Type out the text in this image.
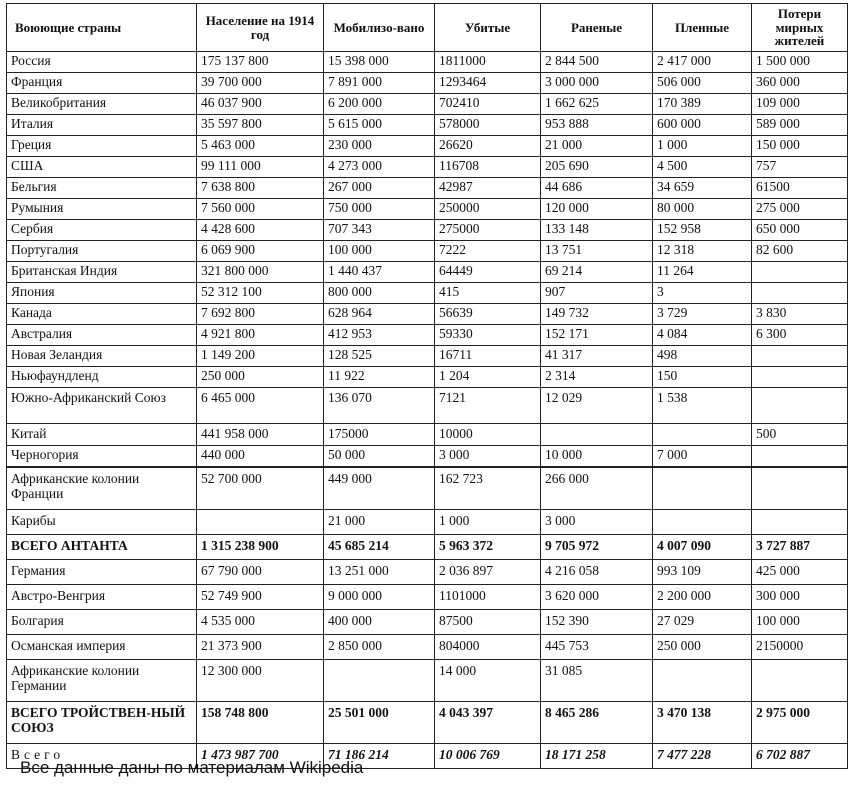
Воюющие страны	Население на 1914 год	Мобилизо-вано	Убитые	Раненые	Пленные	Потери мирных жителей
Россия	175 137 800	15 398 000	1811000	2 844 500	2 417 000	1 500 000
Франция	39 700 000	7 891 000	1293464	3 000 000	506 000	360 000
Великобритания	46 037 900	6 200 000	702410	1 662 625	170 389	109 000
Италия	35 597 800	5 615 000	578000	953 888	600 000	589 000
Греция	5 463 000	230 000	26620	21 000	1 000	150 000
США	99 111 000	4 273 000	116708	205 690	4 500	757
Бельгия	7 638 800	267 000	42987	44 686	34 659	61500
Румыния	7 560 000	750 000	250000	120 000	80 000	275 000
Сербия	4 428 600	707 343	275000	133 148	152 958	650 000
Португалия	6 069 900	100 000	7222	13 751	12 318	82 600
Британская Индия	321 800 000	1 440 437	64449	69 214	11 264	
Япония	52 312 100	800 000	415	907	3	
Канада	7 692 800	628 964	56639	149 732	3 729	3 830
Австралия	4 921 800	412 953	59330	152 171	4 084	6 300
Новая Зеландия	1 149 200	128 525	16711	41 317	498	
Ньюфаундленд	250 000	11 922	1 204	2 314	150	
Южно-Африканский Союз	6 465 000	136 070	7121	12 029	1 538	
Китай	441 958 000	175000	10000			500
Черногория	440 000	50 000	3 000	10 000	7 000	
Африканские колонии Франции	52 700 000	449 000	162 723	266 000		
Карибы		21 000	1 000	3 000		
ВСЕГО АНТАНТА	1 315 238 900	45 685 214	5 963 372	9 705 972	4 007 090	3 727 887
Германия	67 790 000	13 251 000	2 036 897	4 216 058	993 109	425 000
Австро-Венгрия	52 749 900	9 000 000	1101000	3 620 000	2 200 000	300 000
Болгария	4 535 000	400 000	87500	152 390	27 029	100 000
Османская империя	21 373 900	2 850 000	804000	445 753	250 000	2150000
Африканские колонии Германии	12 300 000		14 000	31 085		
ВСЕГО ТРОЙСТВЕН-НЫЙ СОЮЗ	158 748 800	25 501 000	4 043 397	8 465 286	3 470 138	2 975 000
Всего	1 473 987 700	71 186 214	10 006 769	18 171 258	7 477 228	6 702 887
Все данные даны по материалам Wikipedia
